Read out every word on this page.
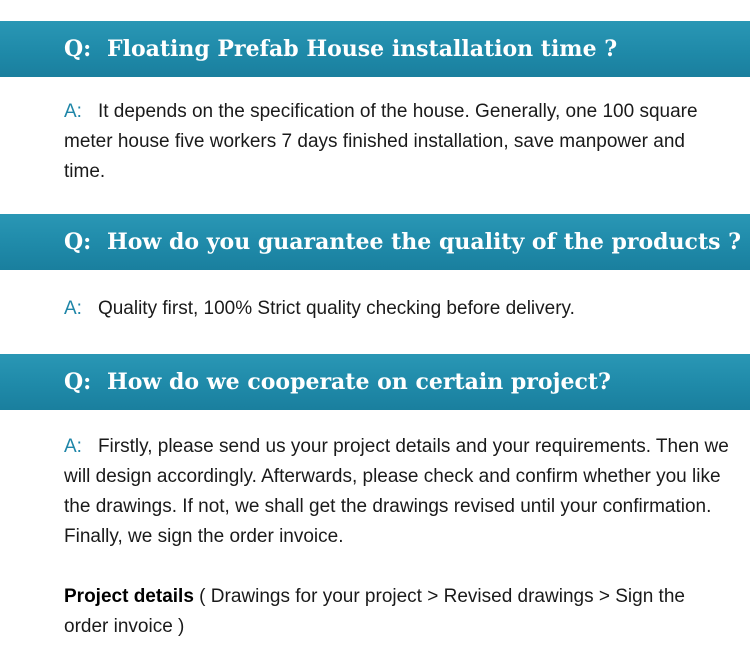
Q: Floating Prefab House installation time ?
A: It depends on the specification of the house. Generally, one 100 square meter house five workers 7 days finished installation, save manpower and time.
Q: How do you guarantee the quality of the products ?
A: Quality first, 100% Strict quality checking before delivery.
Q: How do we cooperate on certain project?
A: Firstly, please send us your project details and your requirements. Then we will design accordingly. Afterwards, please check and confirm whether you like the drawings. If not, we shall get the drawings revised until your confirmation. Finally, we sign the order invoice.
Project details ( Drawings for your project > Revised drawings > Sign the order invoice )
